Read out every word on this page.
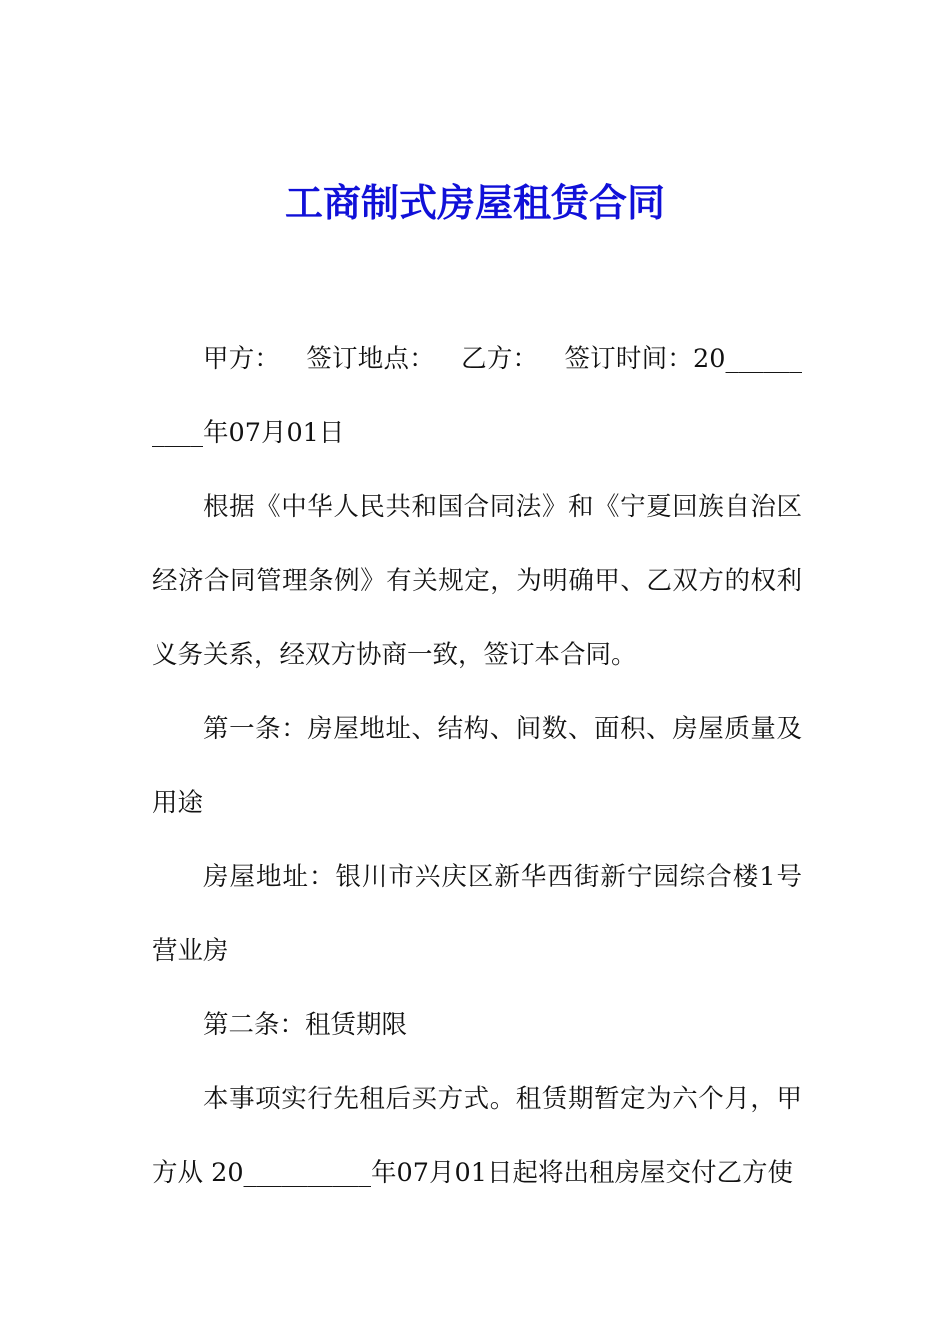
工商制式房屋租赁合同

甲方： 签订地点： 乙方： 签订时间：20__________年07月01日

根据《中华人民共和国合同法》和《宁夏回族自治区经济合同管理条例》有关规定，为明确甲、乙双方的权利义务关系，经双方协商一致，签订本合同。

第一条：房屋地址、结构、间数、面积、房屋质量及用途

房屋地址：银川市兴庆区新华西街新宁园综合楼1号营业房

第二条：租赁期限

本事项实行先租后买方式。租赁期暂定为六个月，甲方从 20__________年07月01日起将出租房屋交付乙方使
